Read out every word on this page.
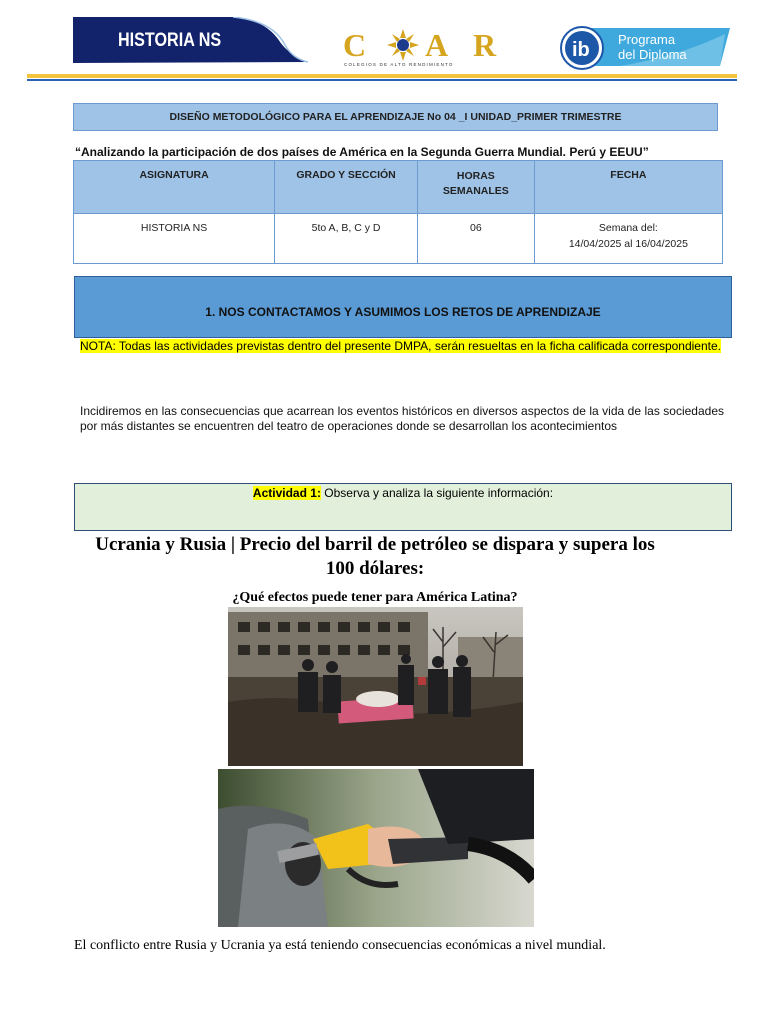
HISTORIA NS	C A R
COLEGIOS DE ALTO RENDIMIENTO
ib Programa
del Diploma
DISEÑO METODOLÓGICO PARA EL APRENDIZAJE No 04 _I UNIDAD_PRIMER TRIMESTRE
“Analizando la participación de dos países de América en la Segunda Guerra Mundial. Perú y EEUU”
ASIGNATURA	GRADO Y SECCIÓN	HORAS SEMANALES	FECHA
HISTORIA NS	5to A, B, C y D	06	Semana del:
14/04/2025 al 16/04/2025
1. NOS CONTACTAMOS Y ASUMIMOS LOS RETOS DE APRENDIZAJE
NOTA: Todas las actividades previstas dentro del presente DMPA, serán resueltas en la ficha calificada correspondiente.
Incidiremos en las consecuencias que acarrean los eventos históricos en diversos aspectos de la vida de las sociedades por más distantes se encuentren del teatro de operaciones donde se desarrollan los acontecimientos
Actividad 1: Observa y analiza la siguiente información:
Ucrania y Rusia | Precio del barril de petróleo se dispara y supera los 100 dólares:
¿Qué efectos puede tener para América Latina?
El conflicto entre Rusia y Ucrania ya está teniendo consecuencias económicas a nivel mundial.
